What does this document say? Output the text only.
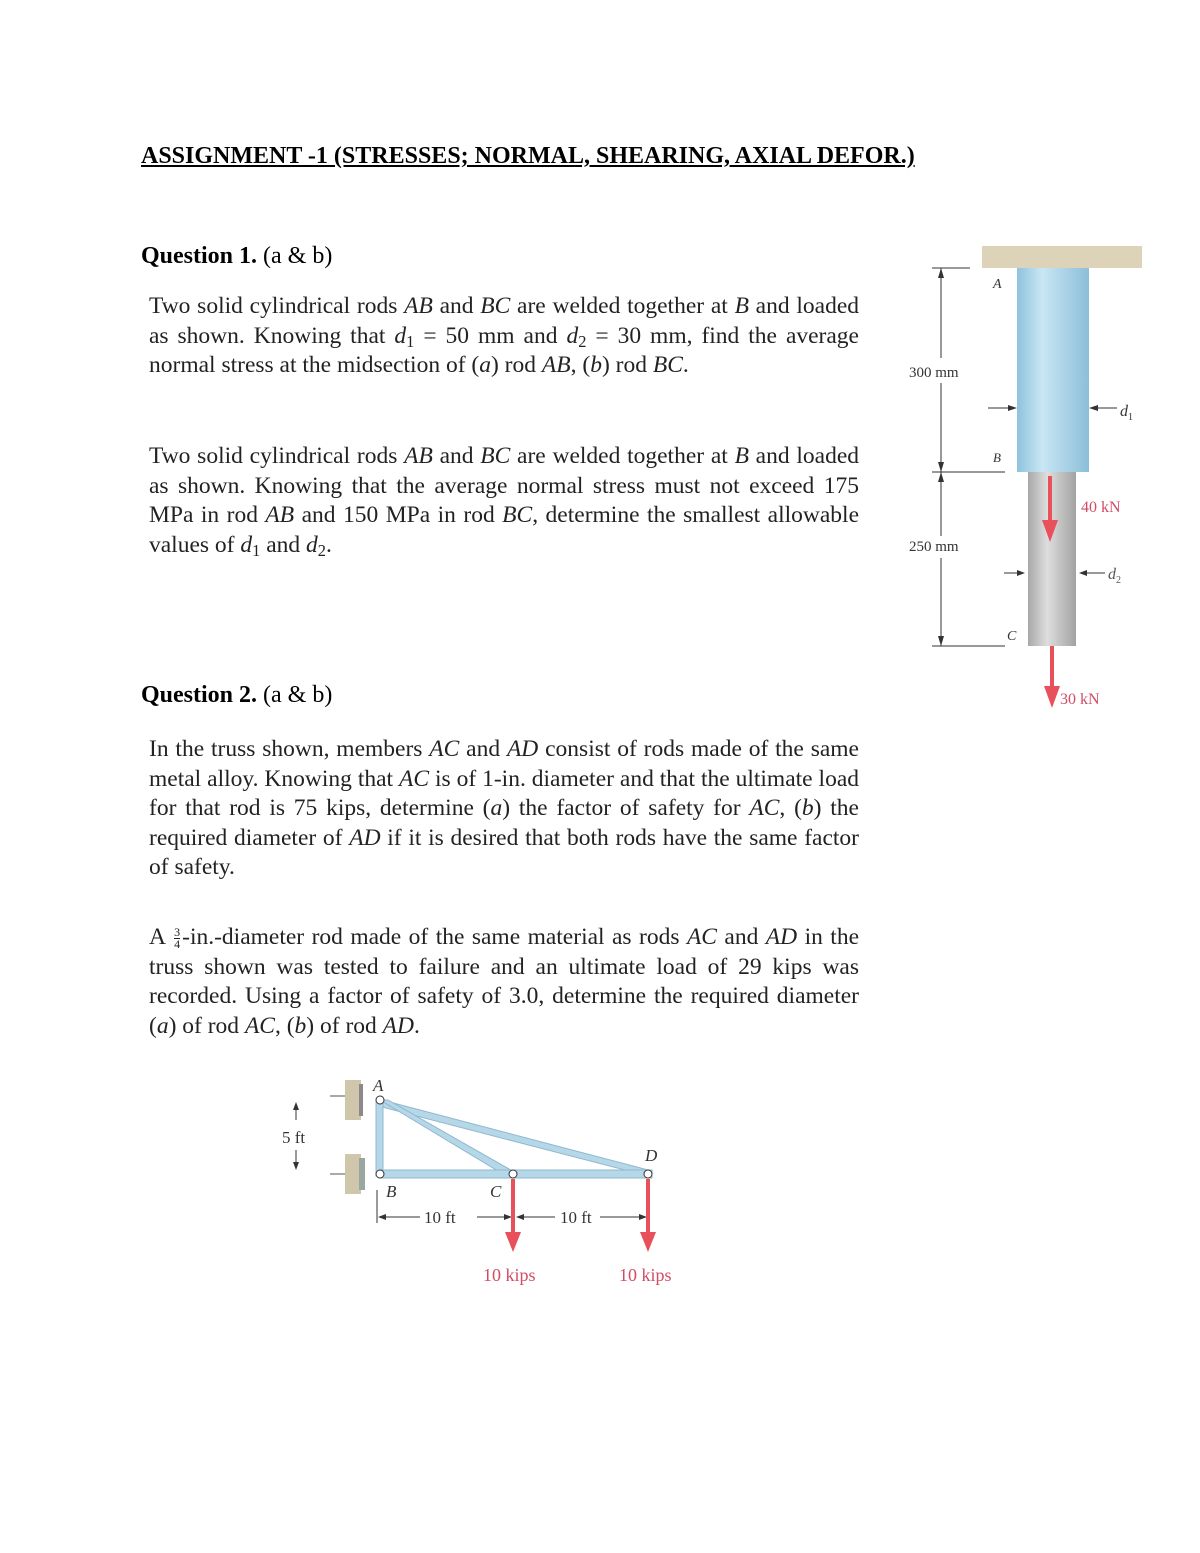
ASSIGNMENT -1 (STRESSES; NORMAL, SHEARING, AXIAL DEFOR.)
Question 1. (a & b)
Two solid cylindrical rods AB and BC are welded together at B and loaded as shown. Knowing that $d_1 = 50$ mm and $d_2 = 30$ mm, find the average normal stress at the midsection of (a) rod AB, (b) rod BC.
Two solid cylindrical rods AB and BC are welded together at B and loaded as shown. Knowing that the average normal stress must not exceed 175 MPa in rod AB and 150 MPa in rod BC, determine the smallest allowable values of $d_1$ and $d_2$.
300 mm
250 mm
A
B
C
$d_1$
$d_2$
40 kN
30 kN
Question 2. (a & b)
In the truss shown, members AC and AD consist of rods made of the same metal alloy. Knowing that AC is of 1-in. diameter and that the ultimate load for that rod is 75 kips, determine (a) the factor of safety for AC, (b) the required diameter of AD if it is desired that both rods have the same factor of safety.
A $\frac{3}{4}$ -in.-diameter rod made of the same material as rods AC and AD in the truss shown was tested to failure and an ultimate load of 29 kips was recorded. Using a factor of safety of 3.0, determine the required diameter (a) of rod AC, (b) of rod AD.
A
B	C
D
5 ft
10 ft	10 ft
10 kips	10 kips
